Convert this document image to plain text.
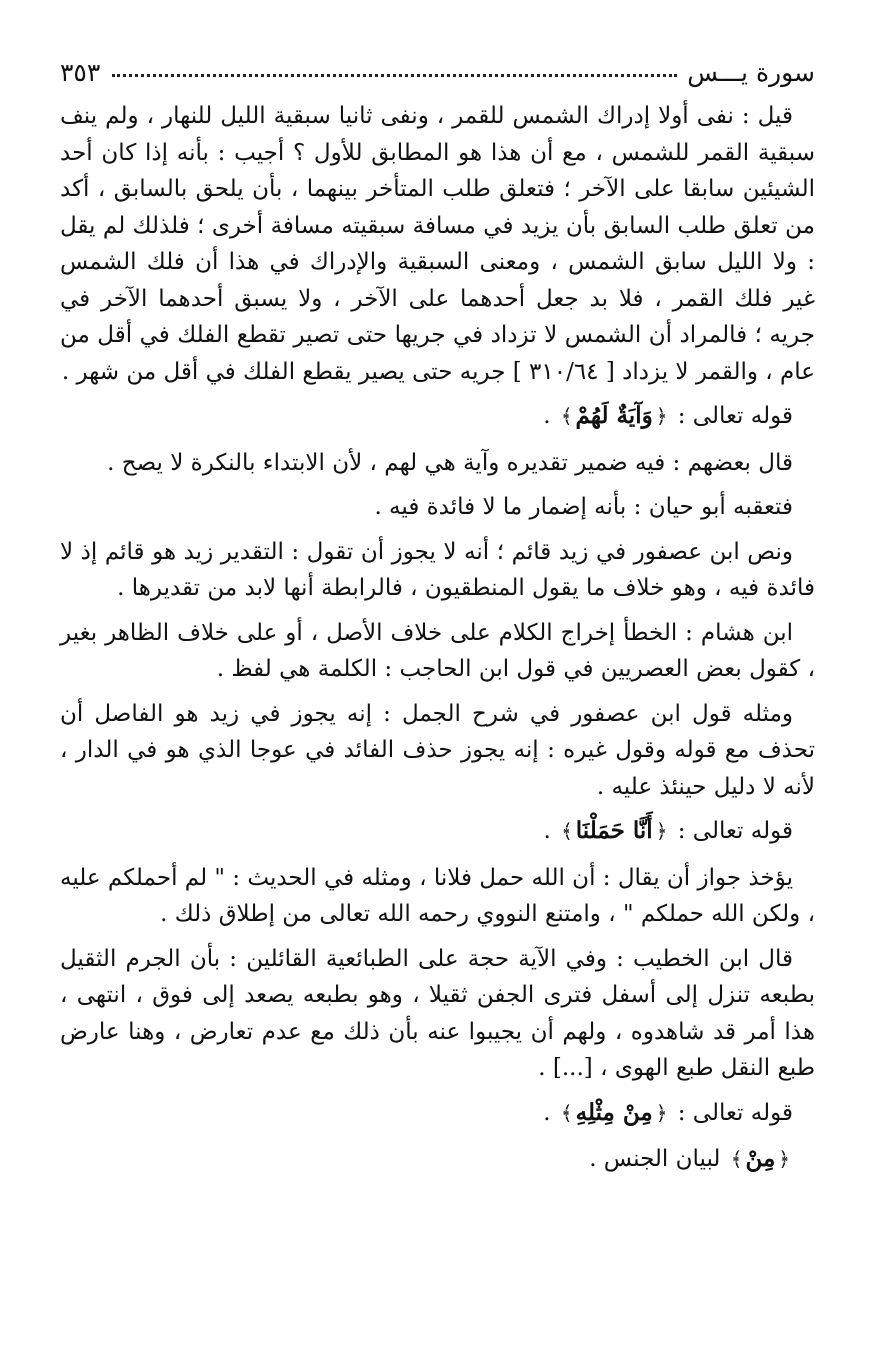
سورة يـــس
٣٥٣

قيل : نفى أولا إدراك الشمس للقمر ، ونفى ثانيا سبقية الليل للنهار ، ولم ينف سبقية القمر للشمس ، مع أن هذا هو المطابق للأول ؟ أجيب : بأنه إذا كان أحد الشيئين سابقا على الآخر ؛ فتعلق طلب المتأخر بينهما ، بأن يلحق بالسابق ، أكد من تعلق طلب السابق بأن يزيد في مسافة سبقيته مسافة أخرى ؛ فلذلك لم يقل : ولا الليل سابق الشمس ، ومعنى السبقية والإدراك في هذا أن فلك الشمس غير فلك القمر ، فلا بد جعل أحدهما على الآخر ، ولا يسبق أحدهما الآخر في جريه ؛ فالمراد أن الشمس لا تزداد في جريها حتى تصير تقطع الفلك في أقل من عام ، والقمر لا يزداد [ ٣١٠/٦٤ ] جريه حتى يصير يقطع الفلك في أقل من شهر .

قوله تعالى : ﴿وَآيَةٌ لَهُمْ﴾ .

قال بعضهم : فيه ضمير تقديره وآية هي لهم ، لأن الابتداء بالنكرة لا يصح .

فتعقبه أبو حيان : بأنه إضمار ما لا فائدة فيه .

ونص ابن عصفور في زيد قائم ؛ أنه لا يجوز أن تقول : التقدير زيد هو قائم إذ لا فائدة فيه ، وهو خلاف ما يقول المنطقيون ، فالرابطة أنها لابد من تقديرها .

ابن هشام : الخطأ إخراج الكلام على خلاف الأصل ، أو على خلاف الظاهر بغير ، كقول بعض العصريين في قول ابن الحاجب : الكلمة هي لفظ .

ومثله قول ابن عصفور في شرح الجمل : إنه يجوز في زيد هو الفاصل أن تحذف مع قوله وقول غيره : إنه يجوز حذف الفائد في عوجا الذي هو في الدار ، لأنه لا دليل حينئذ عليه .

قوله تعالى : ﴿أَنَّا حَمَلْنَا﴾ .

يؤخذ جواز أن يقال : أن الله حمل فلانا ، ومثله في الحديث : " لم أحملكم عليه ، ولكن الله حملكم " ، وامتنع النووي رحمه الله تعالى من إطلاق ذلك .

قال ابن الخطيب : وفي الآية حجة على الطبائعية القائلين : بأن الجرم الثقيل بطبعه تنزل إلى أسفل فترى الجفن ثقيلا ، وهو بطبعه يصعد إلى فوق ، انتهى ، هذا أمر قد شاهدوه ، ولهم أن يجيبوا عنه بأن ذلك مع عدم تعارض ، وهنا عارض طبع النقل طبع الهوى ، [...] .

قوله تعالى : ﴿مِنْ مِثْلِهِ﴾ .

﴿مِنْ﴾ لبيان الجنس .
